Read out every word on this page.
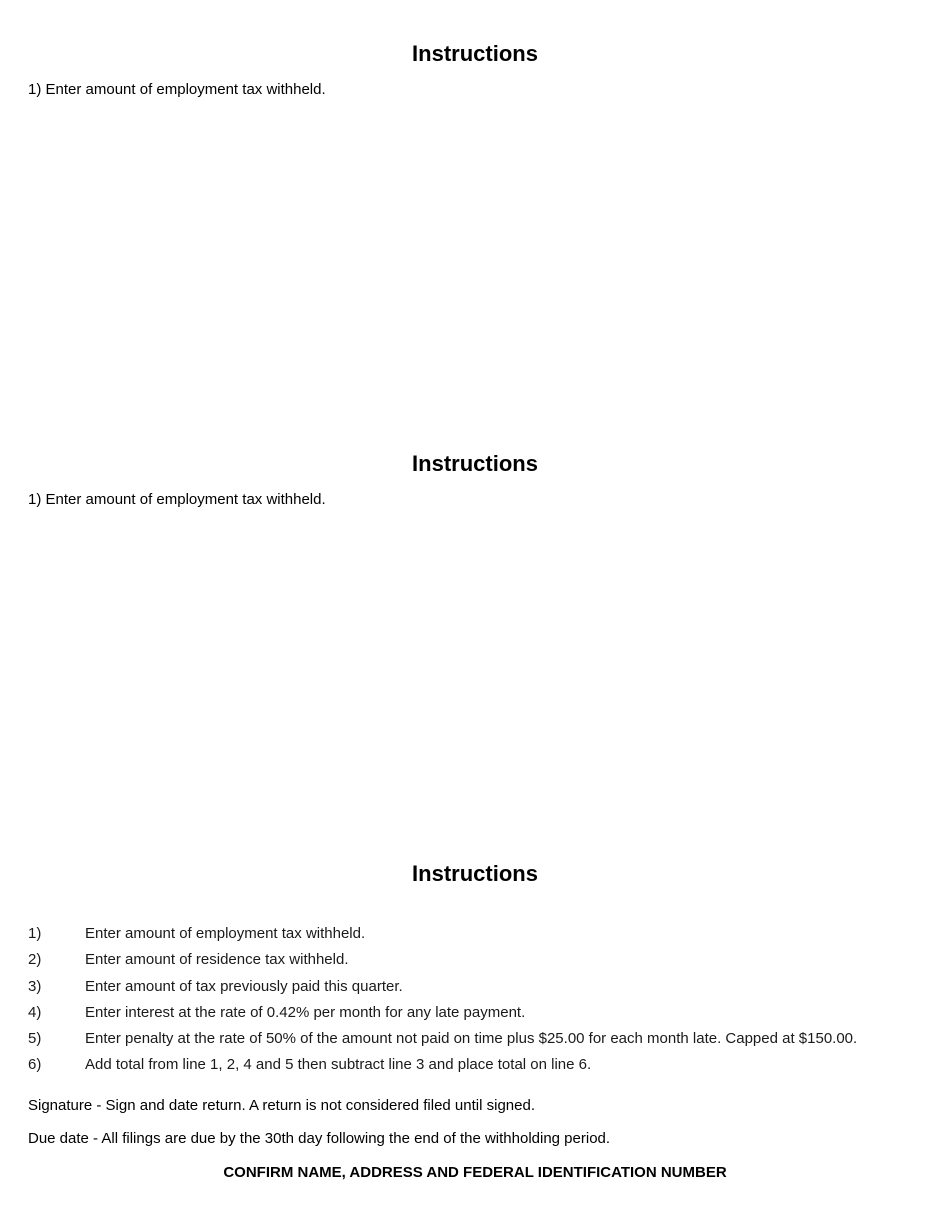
Instructions

1) Enter amount of employment tax withheld.

Instructions

1) Enter amount of employment tax withheld.

Instructions
1)	Enter amount of employment tax withheld.
2)	Enter amount of residence tax withheld.
3)	Enter amount of tax previously paid this quarter.
4)	Enter interest at the rate of 0.42% per month for any late payment.
5)	Enter penalty at the rate of 50% of the amount not paid on time plus $25.00 for each month late. Capped at $150.00.
6)	Add total from line 1, 2, 4 and 5 then subtract line 3 and place total on line 6.

Signature - Sign and date return. A return is not considered filed until signed.

Due date - All filings are due by the 30th day following the end of the withholding period.

CONFIRM NAME, ADDRESS AND FEDERAL IDENTIFICATION NUMBER
